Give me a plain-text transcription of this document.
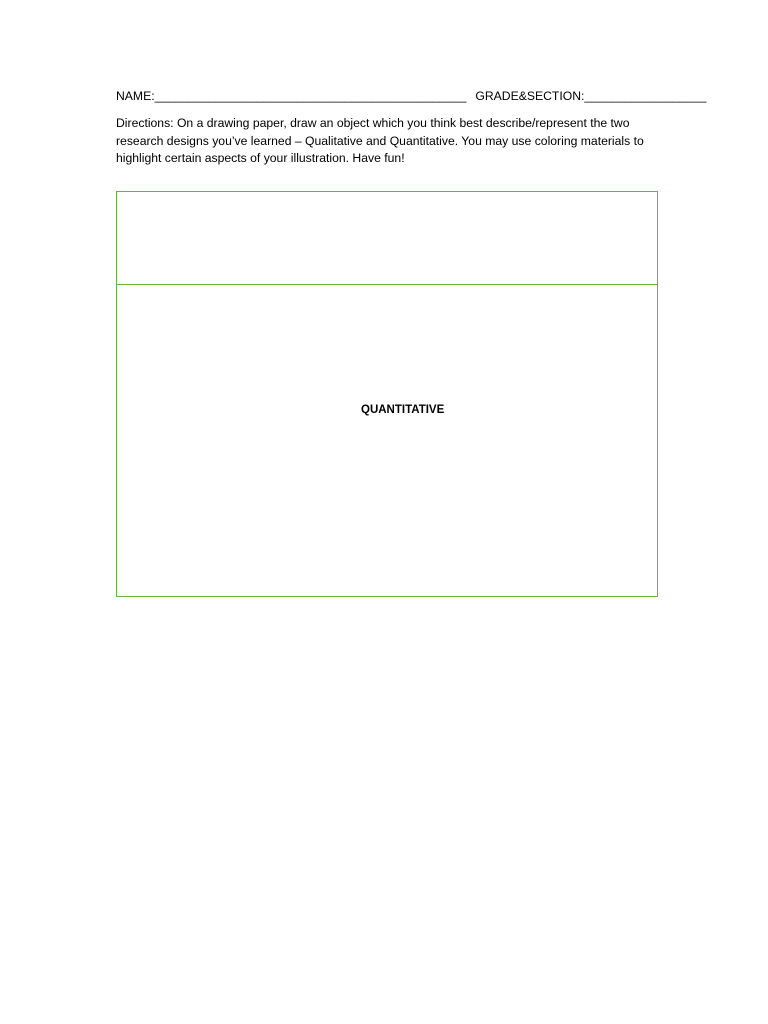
NAME:______________________________________________ GRADE&SECTION:__________________
Directions: On a drawing paper, draw an object which you think best describe/represent the two research designs you’ve learned – Qualitative and Quantitative. You may use coloring materials to highlight certain aspects of your illustration. Have fun!
QUANTITATIVE
